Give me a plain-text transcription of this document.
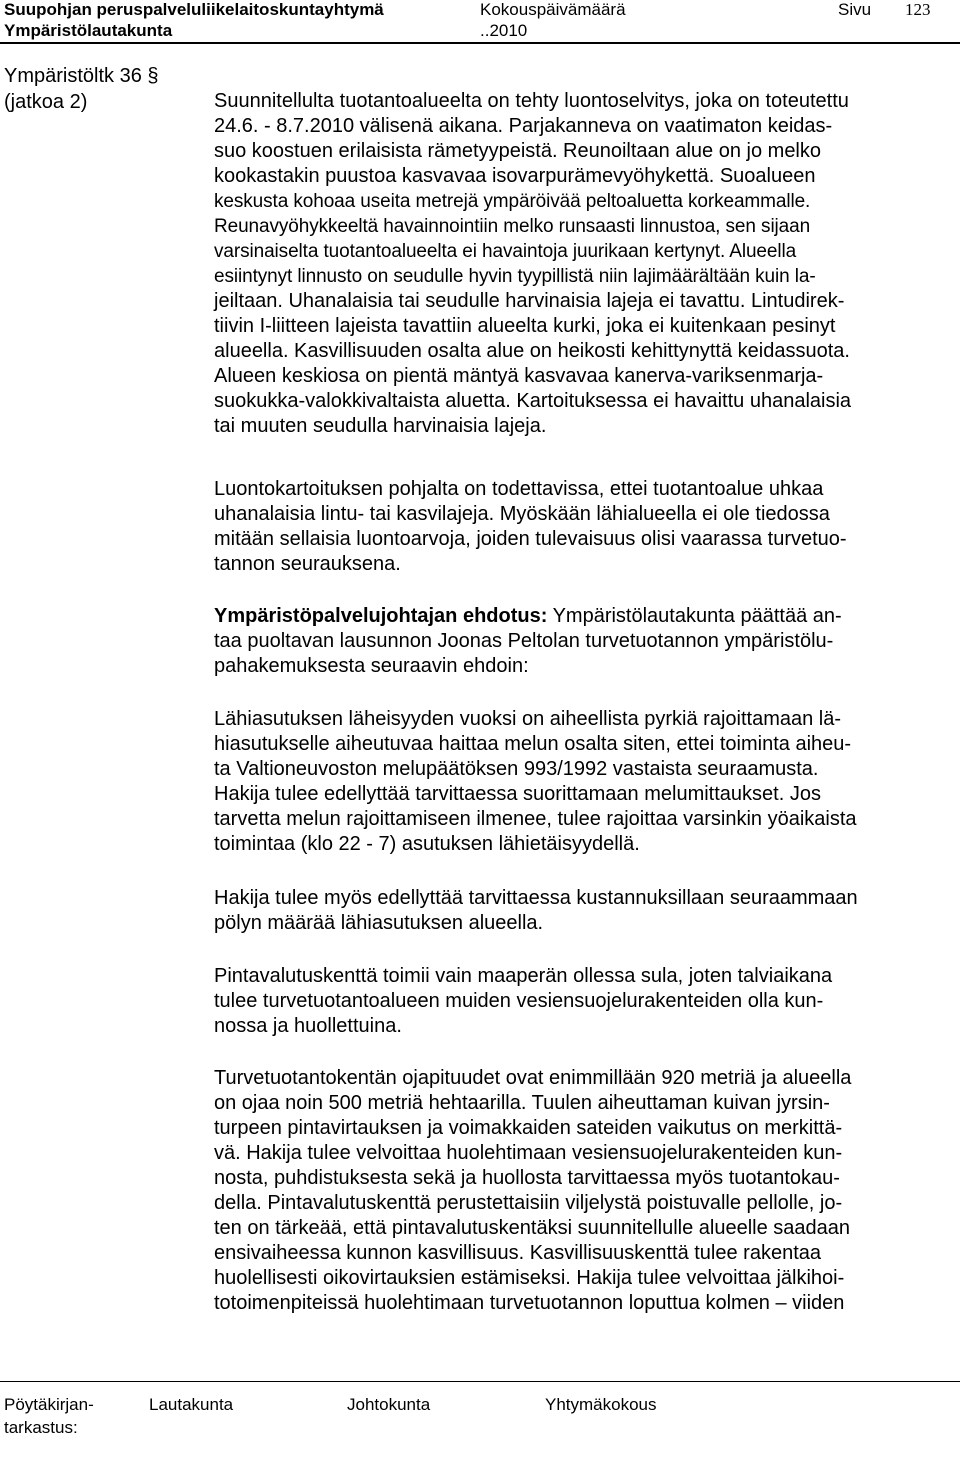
Suupohjan peruspalveluliikelaitoskuntayhtymä
Ympäristölautakunta
Kokouspäivämäärä
..2010
Sivu 123
Ympäristöltk 36 §
(jatkoa 2)	Suunnitellulta tuotantoalueelta on tehty luontoselvitys, joka on toteutettu
24.6. - 8.7.2010 välisenä aikana. Parjakanneva on vaatimaton keidas-
suo koostuen erilaisista rämetyypeistä. Reunoiltaan alue on jo melko
kookastakin puustoa kasvavaa isovarpurämevyöhykettä. Suoalueen
keskusta kohoaa useita metrejä ympäröivää peltoaluetta korkeammalle.
Reunavyöhykkeeltä havainnointiin melko runsaasti linnustoa, sen sijaan
varsinaiselta tuotantoalueelta ei havaintoja juurikaan kertynyt. Alueella
esiintynyt linnusto on seudulle hyvin tyypillistä niin lajimäärältään kuin la-
jeiltaan. Uhanalaisia tai seudulle harvinaisia lajeja ei tavattu. Lintudirek-
tiivin I-liitteen lajeista tavattiin alueelta kurki, joka ei kuitenkaan pesinyt
alueella. Kasvillisuuden osalta alue on heikosti kehittynyttä keidassuota.
Alueen keskiosa on pientä mäntyä kasvavaa kanerva-variksenmarja-
suokukka-valokkivaltaista aluetta. Kartoituksessa ei havaittu uhanalaisia
tai muuten seudulla harvinaisia lajeja.
Luontokartoituksen pohjalta on todettavissa, ettei tuotantoalue uhkaa
uhanalaisia lintu- tai kasvilajeja. Myöskään lähialueella ei ole tiedossa
mitään sellaisia luontoarvoja, joiden tulevaisuus olisi vaarassa turvetuo-
tannon seurauksena.
Ympäristöpalvelujohtajan ehdotus: Ympäristölautakunta päättää an-
taa puoltavan lausunnon Joonas Peltolan turvetuotannon ympäristölu-
pahakemuksesta seuraavin ehdoin:
Lähiasutuksen läheisyyden vuoksi on aiheellista pyrkiä rajoittamaan lä-
hiasutukselle aiheutuvaa haittaa melun osalta siten, ettei toiminta aiheu-
ta Valtioneuvoston melupäätöksen 993/1992 vastaista seuraamusta.
Hakija tulee edellyttää tarvittaessa suorittamaan melumittaukset. Jos
tarvetta melun rajoittamiseen ilmenee, tulee rajoittaa varsinkin yöaikaista
toimintaa (klo 22 - 7) asutuksen lähietäisyydellä.
Hakija tulee myös edellyttää tarvittaessa kustannuksillaan seuraammaan
pölyn määrää lähiasutuksen alueella.
Pintavalutuskenttä toimii vain maaperän ollessa sula, joten talviaikana
tulee turvetuotantoalueen muiden vesiensuojelurakenteiden olla kun-
nossa ja huollettuina.
Turvetuotantokentän ojapituudet ovat enimmillään 920 metriä ja alueella
on ojaa noin 500 metriä hehtaarilla. Tuulen aiheuttaman kuivan jyrsin-
turpeen pintavirtauksen ja voimakkaiden sateiden vaikutus on merkittä-
vä. Hakija tulee velvoittaa huolehtimaan vesiensuojelurakenteiden kun-
nosta, puhdistuksesta sekä ja huollosta tarvittaessa myös tuotantokau-
della. Pintavalutuskenttä perustettaisiin viljelystä poistuvalle pellolle, jo-
ten on tärkeää, että pintavalutuskentäksi suunnitellulle alueelle saadaan
ensivaiheessa kunnon kasvillisuus. Kasvillisuuskenttä tulee rakentaa
huolellisesti oikovirtauksien estämiseksi. Hakija tulee velvoittaa jälkihoi-
totoimenpiteissä huolehtimaan turvetuotannon loputtua kolmen – viiden
Pöytäkirjan-
tarkastus:
Lautakunta	Johtokunta	Yhtymäkokous
